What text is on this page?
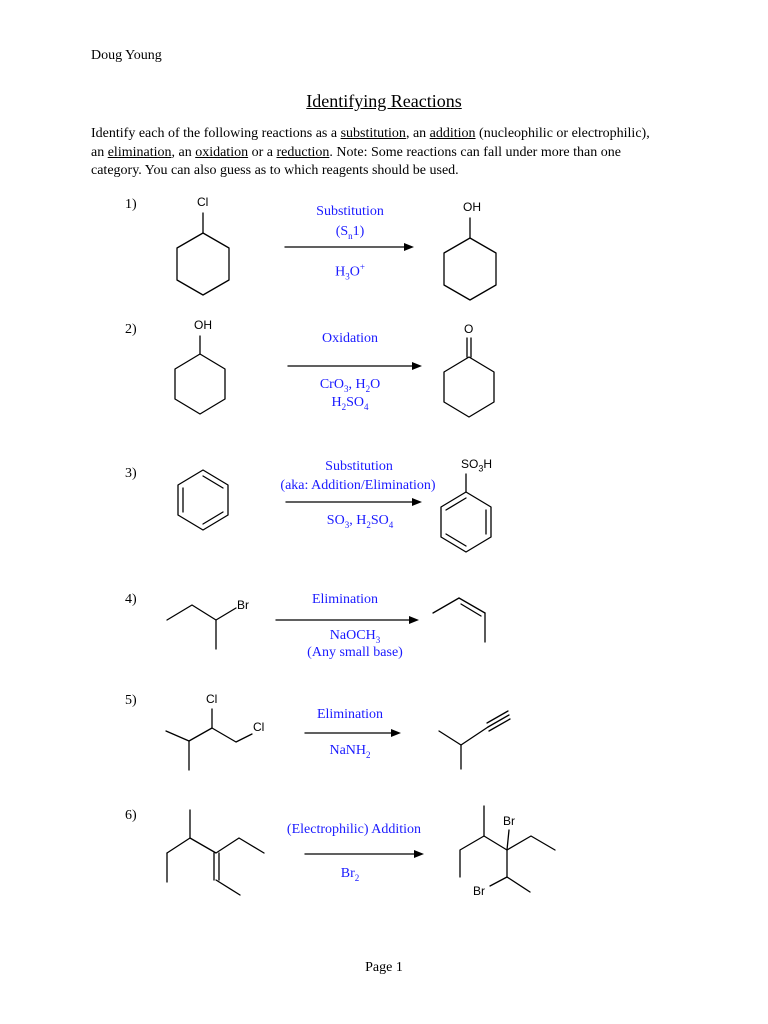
Doug Young
Identifying Reactions
Identify each of the following reactions as a substitution, an addition (nucleophilic or electrophilic), an elimination, an oxidation or a reduction. Note: Some reactions can fall under more than one category. You can also guess as to which reagents should be used.
1)	Cl	OH
Substitution
$(S_n1)$
$H_3O^+$
2)	OH	O
Oxidation
CrO$_3$, $H_2O$
$H_2SO_4$
3)
$SO_3H$
Substitution
(aka: Addition/Elimination)
$SO_3$, $H_2SO_4$
4)	Br	Elimination
NaOCH$_3$
(Any small base)
5)	Cl
Cl
Elimination
NaNH$_2$
6)	Br
Br
(Electrophilic) Addition
$Br_2$
Page 1
